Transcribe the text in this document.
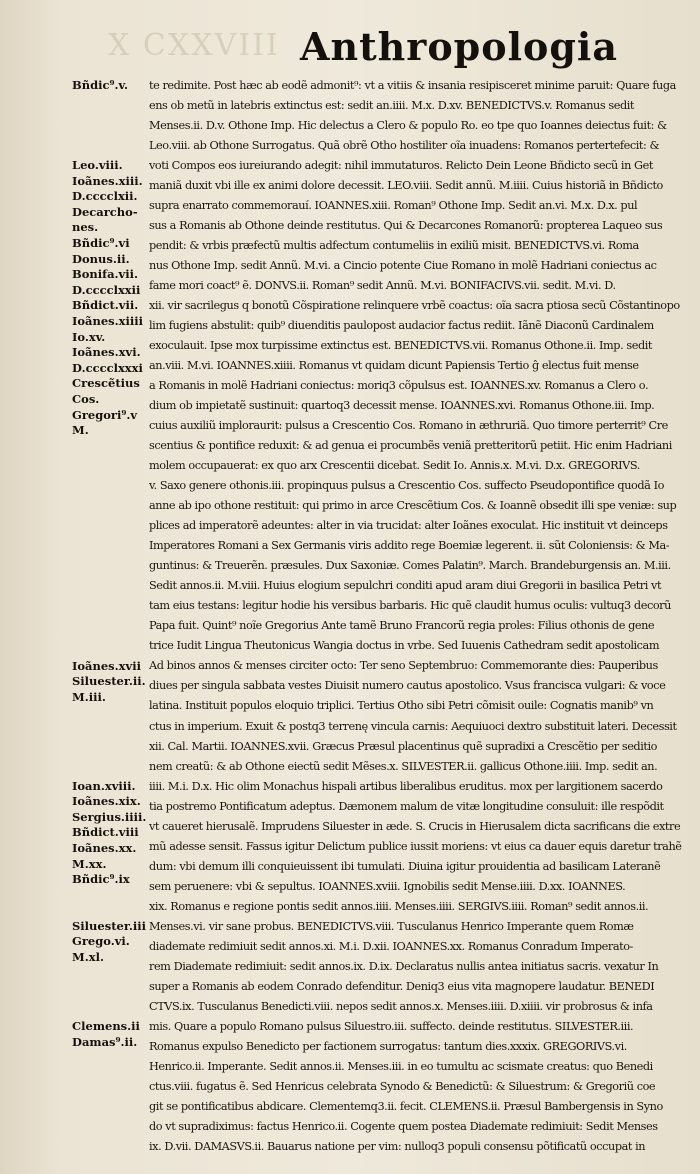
X CXXVIII Anthropologia
Bñdic⁹.v.
Leo.viii.
Ioãnes.xiii.
D.cccclxii.
Decarcho-
nes.
Bñdic⁹.vi
Donus.ii.
Bonifa.vii.
D.cccclxxii
Bñdict.vii.
Ioãnes.xiiii
Io.xv.
Ioãnes.xvi.
D.cccclxxxi
Crescẽtius
Cos.
Gregori⁹.v
M.
Ioãnes.xvii
Siluester.ii.
M.iii.
Ioan.xviii.
Ioãnes.xix.
Sergius.iiii.
Bñdict.viii
Ioãnes.xx.
M.xx.
Bñdic⁹.ix
Siluester.iii
Grego.vi.
M.xl.
Clemens.ii
Damas⁹.ii.
te redimite. Post hæc ab eodẽ admonit⁹: vt a vitiis & insania resipisceret minime paruit: Quare fuga
ens ob metũ in latebris extinctus est: sedit an.iiii. M.x. D.xv. BENEDICTVS.v. Romanus sedit
Menses.ii. D.v. Othone Imp. Hic delectus a Clero & populo Ro. eo tpe quo Ioannes deiectus fuit: &
Leo.viii. ab Othone Surrogatus. Quã obrẽ Otho hostiliter oĩa inuadens: Romanos pertertefecit: &
voti Compos eos iureiurando adegit: nihil immutaturos. Relicto Dein Leone Bñdicto secũ in Get
maniã duxit vbi ille ex animi dolore decessit. LEO.viii. Sedit annũ. M.iiii. Cuius historiã in Bñdicto
supra enarrato commemorauí. IOANNES.xiii. Roman⁹ Othone Imp. Sedit an.vi. M.x. D.x. pul
sus a Romanis ab Othone deinde restitutus. Qui & Decarcones Romanorũ: propterea Laqueo sus
pendit: & vrbis præfectũ multis adfectum contumeliis in exiliũ misit. BENEDICTVS.vi. Roma
nus Othone Imp. sedit Annũ. M.vi. a Cincio potente Ciue Romano in molẽ Hadriani coniectus ac
fame mori coact⁹ ẽ. DONVS.ii. Roman⁹ sedit Annũ. M.vi. BONIFACIVS.vii. sedit. M.vi. D.
xii. vir sacrilegus q bonotũ Cõspiratione relinquere vrbẽ coactus: oĩa sacra ptiosa secũ Cõstantinopo
lim fugiens abstulit: quib⁹ diuenditis paulopost audacior factus rediit. Iãnẽ Diaconũ Cardinalem
exoculauit. Ipse mox turpissime extinctus est. BENEDICTVS.vii. Romanus Othone.ii. Imp. sedit
an.viii. M.vi. IOANNES.xiiii. Romanus vt quidam dicunt Papiensis Tertio ĝ electus fuit mense
a Romanis in molẽ Hadriani coniectus: moriq3 cõpulsus est. IOANNES.xv. Romanus a Clero o.
dium ob impietatẽ sustinuit: quartoq3 decessit mense. IOANNES.xvi. Romanus Othone.iii. Imp.
cuius auxiliũ imploraurit: pulsus a Crescentio Cos. Romano in æthruriã. Quo timore perterrit⁹ Cre
scentius & pontifice reduxit: & ad genua ei procumbẽs veniã pretteritorũ petiit. Hic enim Hadriani
molem occupauerat: ex quo arx Crescentii dicebat. Sedit Io. Annis.x. M.vi. D.x. GREGORIVS.
v. Saxo genere othonis.iii. propinquus pulsus a Crescentio Cos. suffecto Pseudopontifice quodã Io
anne ab ipo othone restituit: qui primo in arce Crescẽtium Cos. & Ioannẽ obsedit illi spe veniæ: sup
plices ad imperatorẽ adeuntes: alter in via trucidat: alter Ioãnes exoculat. Hic instituit vt deinceps
Imperatores Romani a Sex Germanis viris addito rege Boemiæ legerent. ii. sũt Coloniensis: & Ma-
guntinus: & Treuerẽn. præsules. Dux Saxoniæ. Comes Palatin⁹. March. Brandeburgensis an. M.iii.
Sedit annos.ii. M.viii. Huius elogium sepulchri conditi apud aram diui Gregorii in basilica Petri vt
tam eius testans: legitur hodie his versibus barbaris. Hic quẽ claudit humus oculis: vultuq3 decorũ
Papa fuit. Quint⁹ noĩe Gregorius Ante tamẽ Bruno Francorũ regia proles: Filius othonis de gene
trice Iudit Lingua Theutonicus Wangia doctus in vrbe. Sed Iuuenis Cathedram sedit apostolicam
Ad binos annos & menses circiter octo: Ter seno Septembruo: Commemorante dies: Pauperibus
diues per singula sabbata vestes Diuisit numero cautus apostolico. Vsus francisca vulgari: & voce
latina. Instituit populos eloquio triplici. Tertius Otho sibi Petri cõmisit ouile: Cognatis manib⁹ vn
ctus in imperium. Exuit & postq3 terrenę vincula carnis: Aequiuoci dextro substituit lateri. Decessit
xii. Cal. Martii. IOANNES.xvii. Græcus Præsul placentinus quẽ supradixi a Crescẽtio per seditio
nem creatũ: & ab Othone eiectũ sedit Mẽses.x. SILVESTER.ii. gallicus Othone.iiii. Imp. sedit an.
iiii. M.i. D.x. Hic olim Monachus hispali artibus liberalibus eruditus. mox per largitionem sacerdo
tia postremo Pontificatum adeptus. Dæmonem malum de vitæ longitudine consuluit: ille respõdit
vt caueret hierusalẽ. Imprudens Siluester in æde. S. Crucis in Hierusalem dicta sacrificans die extre
mũ adesse sensit. Fassus igitur Delictum publice iussit moriens: vt eius ca dauer equis daretur trahẽ
dum: vbi demum illi conquieuissent ibi tumulati. Diuina igitur prouidentia ad basilicam Lateranẽ
sem peruenere: vbi & sepultus. IOANNES.xviii. Ignobilis sedit Mense.iiii. D.xx. IOANNES.
xix. Romanus e regione pontis sedit annos.iiii. Menses.iiii. SERGIVS.iiii. Roman⁹ sedit annos.ii.
Menses.vi. vir sane probus. BENEDICTVS.viii. Tusculanus Henrico Imperante quem Romæ
diademate redimiuit sedit annos.xi. M.i. D.xii. IOANNES.xx. Romanus Conradum Imperato-
rem Diademate redimiuit: sedit annos.ix. D.ix. Declaratus nullis antea initiatus sacris. vexatur In
super a Romanis ab eodem Conrado defenditur. Deniq3 eius vita magnopere laudatur. BENEDI
CTVS.ix. Tusculanus Benedicti.viii. nepos sedit annos.x. Menses.iiii. D.xiiii. vir probrosus & infa
mis. Quare a populo Romano pulsus Siluestro.iii. suffecto. deinde restitutus. SILVESTER.iii.
Romanus expulso Benedicto per factionem surrogatus: tantum dies.xxxix. GREGORIVS.vi.
Henrico.ii. Imperante. Sedit annos.ii. Menses.iii. in eo tumultu ac scismate creatus: quo Benedi
ctus.viii. fugatus ẽ. Sed Henricus celebrata Synodo & Benedictũ: & Siluestrum: & Gregoriũ coe
git se pontificatibus abdicare. Clementemq3.ii. fecit. CLEMENS.ii. Præsul Bambergensis in Syno
do vt supradiximus: factus Henrico.ii. Cogente quem postea Diademate redimiuit: Sedit Menses
ix. D.vii. DAMASVS.ii. Bauarus natione per vim: nulloq3 populi consensu põtificatũ occupat in
